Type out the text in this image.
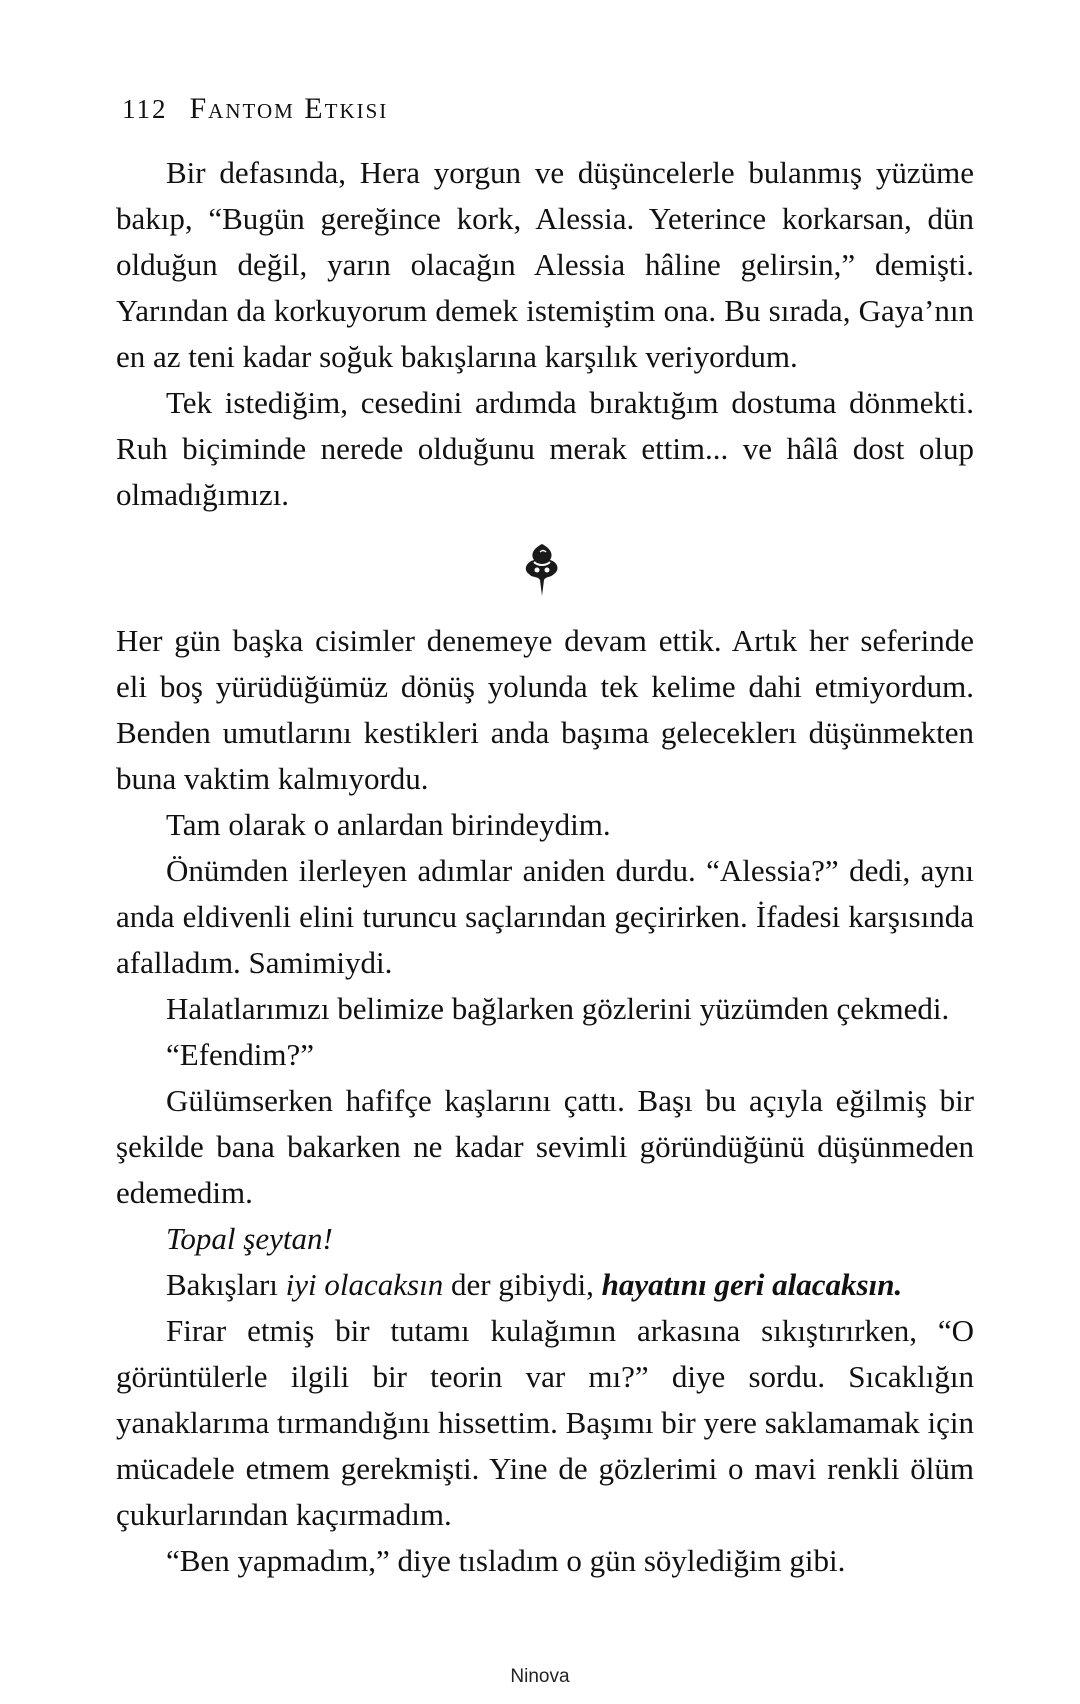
112 Fantom Etkisi

Bir defasında, Hera yorgun ve düşüncelerle bulanmış yüzüme bakıp, “Bugün gereğince kork, Alessia. Yeterince korkarsan, dün olduğun değil, yarın olacağın Alessia hâline gelirsin,” demişti. Yarından da korkuyorum demek istemiştim ona. Bu sırada, Gaya’nın en az teni kadar soğuk bakışlarına karşılık veriyordum.

Tek istediğim, cesedini ardımda bıraktığım dostuma dönmekti. Ruh biçiminde nerede olduğunu merak ettim... ve hâlâ dost olup olmadığımızı.

Her gün başka cisimler denemeye devam ettik. Artık her seferinde eli boş yürüdüğümüz dönüş yolunda tek kelime dahi etmiyordum. Benden umutlarını kestikleri anda başıma geleceklerı düşünmekten buna vaktim kalmıyordu.

Tam olarak o anlardan birindeydim.

Önümden ilerleyen adımlar aniden durdu. “Alessia?” dedi, aynı anda eldivenli elini turuncu saçlarından geçirirken. İfadesi karşısında afalladım. Samimiydi.

Halatlarımızı belimize bağlarken gözlerini yüzümden çekmedi.

“Efendim?”

Gülümserken hafifçe kaşlarını çattı. Başı bu açıyla eğilmiş bir şekilde bana bakarken ne kadar sevimli göründüğünü düşünmeden edemedim.

Topal şeytan!

Bakışları iyi olacaksın der gibiydi, hayatını geri alacaksın.

Firar etmiş bir tutamı kulağımın arkasına sıkıştırırken, “O görüntülerle ilgili bir teorin var mı?” diye sordu. Sıcaklığın yanaklarıma tırmandığını hissettim. Başımı bir yere saklamamak için mücadele etmem gerekmişti. Yine de gözlerimi o mavi renkli ölüm çukurlarından kaçırmadım.

“Ben yapmadım,” diye tısladım o gün söylediğim gibi.

Ninova
